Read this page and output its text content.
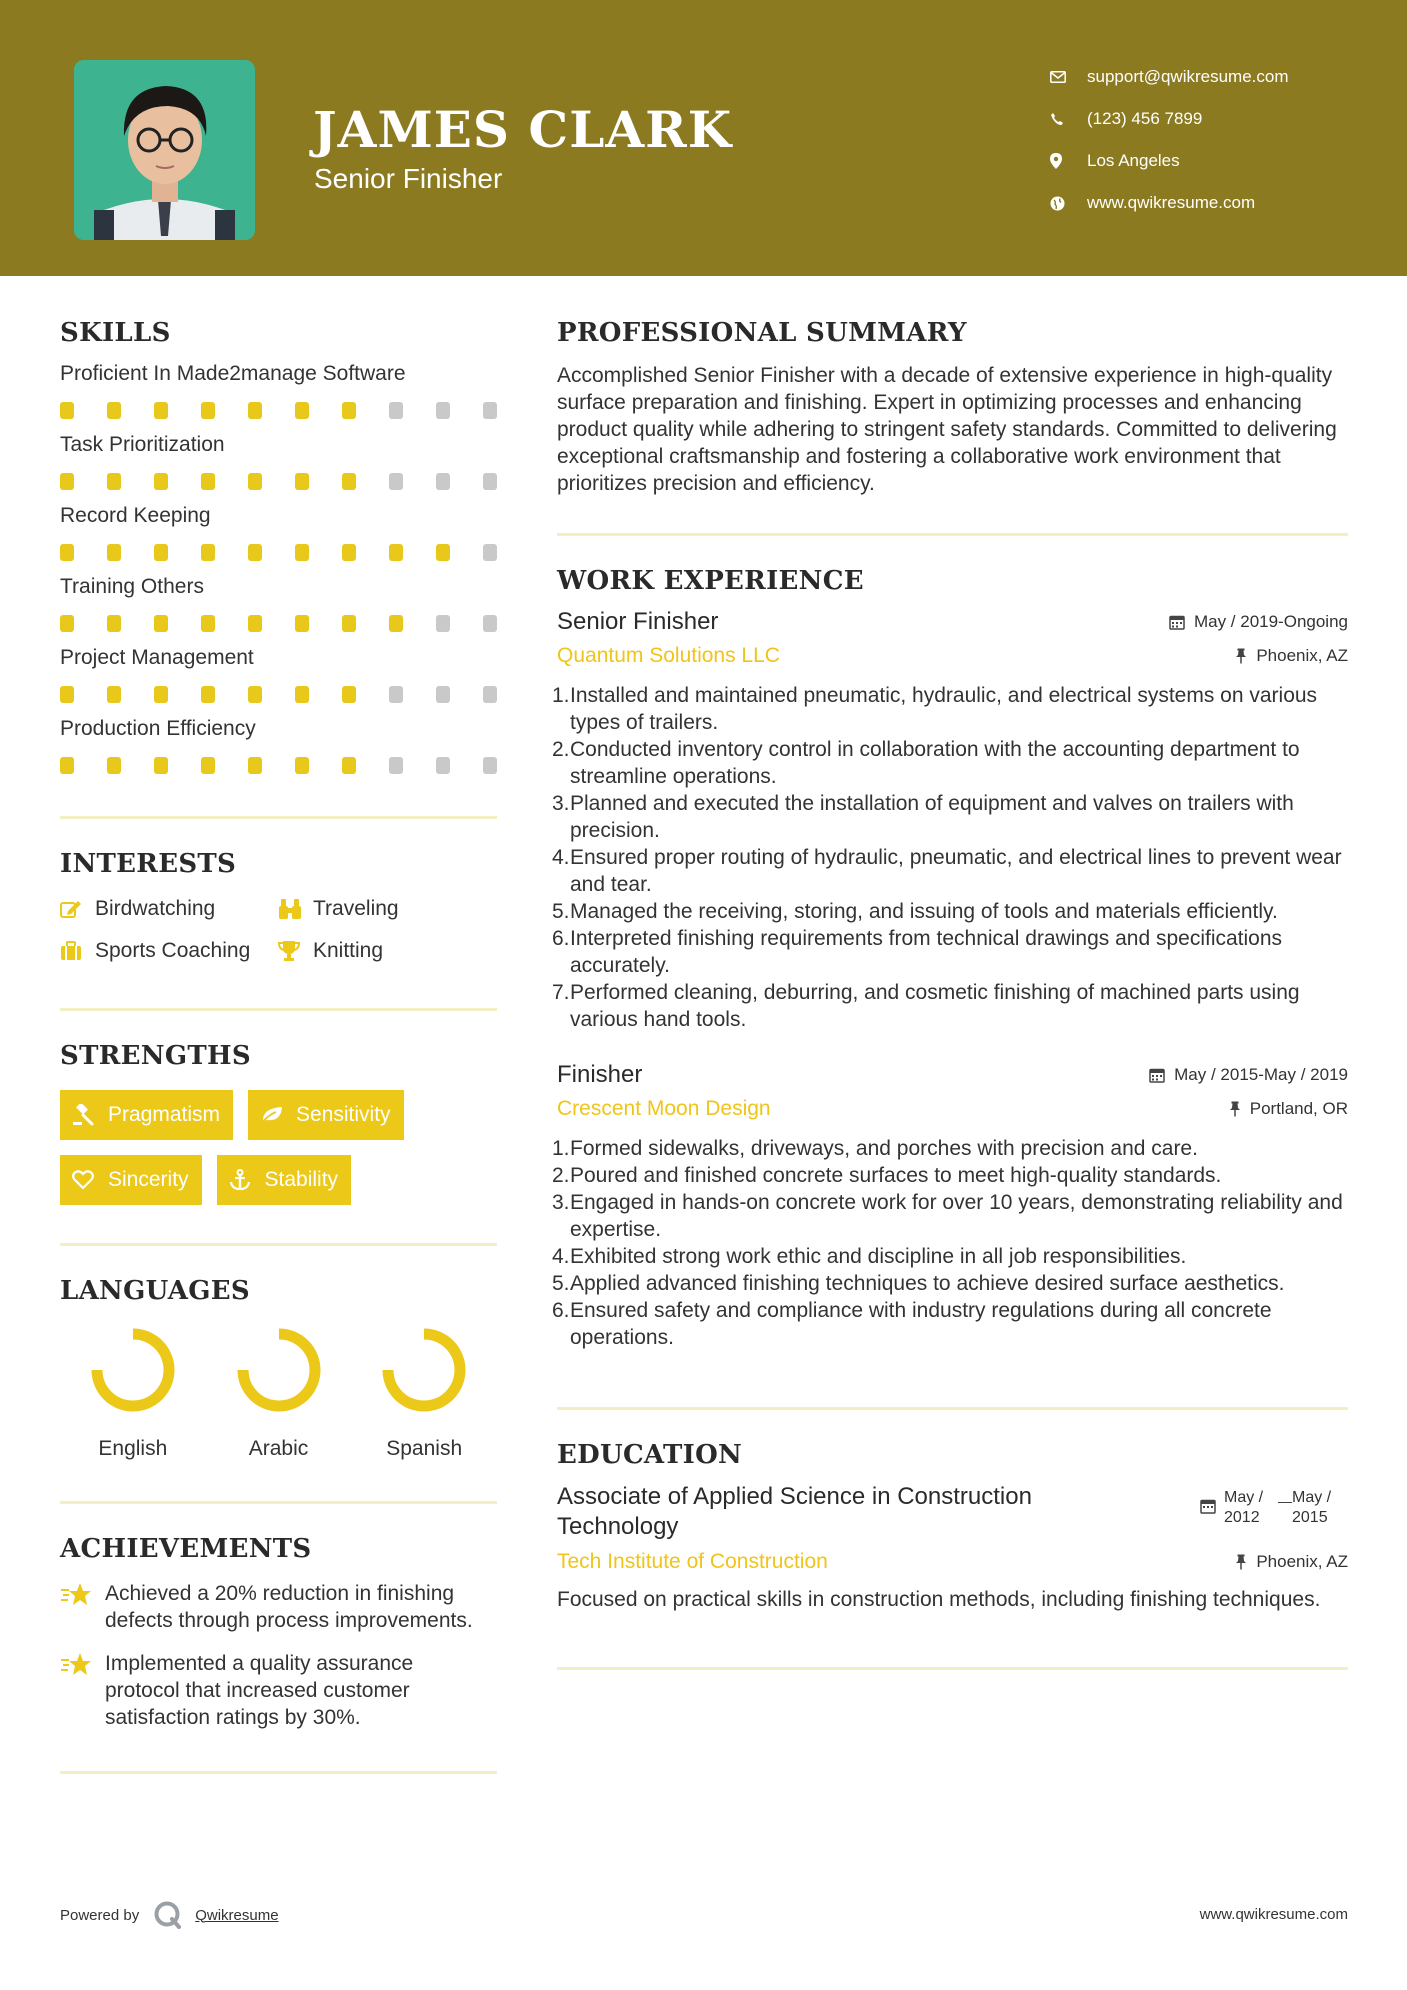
JAMES CLARK
Senior Finisher
support@qwikresume.com
(123) 456 7899
Los Angeles
www.qwikresume.com
SKILLS
Proficient In Made2manage Software
Task Prioritization
Record Keeping
Training Others
Project Management
Production Efficiency
INTERESTS
Birdwatching	Traveling
Sports Coaching	Knitting
STRENGTHS
Pragmatism	Sensitivity
Sincerity	Stability
LANGUAGES
English	Arabic	Spanish
ACHIEVEMENTS
Achieved a 20% reduction in finishing defects through process improvements.
Implemented a quality assurance protocol that increased customer satisfaction ratings by 30%.
PROFESSIONAL SUMMARY

Accomplished Senior Finisher with a decade of extensive experience in high-quality surface preparation and finishing. Expert in optimizing processes and enhancing product quality while adhering to stringent safety standards. Committed to delivering exceptional craftsmanship and fostering a collaborative work environment that prioritizes precision and efficiency.

WORK EXPERIENCE
Senior Finisher	May / 2019-Ongoing
Quantum Solutions LLC	Phoenix, AZ
1. Installed and maintained pneumatic, hydraulic, and electrical systems on various types of trailers.
2. Conducted inventory control in collaboration with the accounting department to streamline operations.
3. Planned and executed the installation of equipment and valves on trailers with precision.
4. Ensured proper routing of hydraulic, pneumatic, and electrical lines to prevent wear and tear.
5. Managed the receiving, storing, and issuing of tools and materials efficiently.
6. Interpreted finishing requirements from technical drawings and specifications accurately.
7. Performed cleaning, deburring, and cosmetic finishing of machined parts using various hand tools.
Finisher	May / 2015-May / 2019
Crescent Moon Design	Portland, OR
1. Formed sidewalks, driveways, and porches with precision and care.
2. Poured and finished concrete surfaces to meet high-quality standards.
3. Engaged in hands-on concrete work for over 10 years, demonstrating reliability and expertise.
4. Exhibited strong work ethic and discipline in all job responsibilities.
5. Applied advanced finishing techniques to achieve desired surface aesthetics.
6. Ensured safety and compliance with industry regulations during all concrete operations.
EDUCATION
Associate of Applied Science in Construction Technology
May / 2012
May / 2015
Tech Institute of Construction	Phoenix, AZ

Focused on practical skills in construction methods, including finishing techniques.

Powered by	Qwikresume	www.qwikresume.com
